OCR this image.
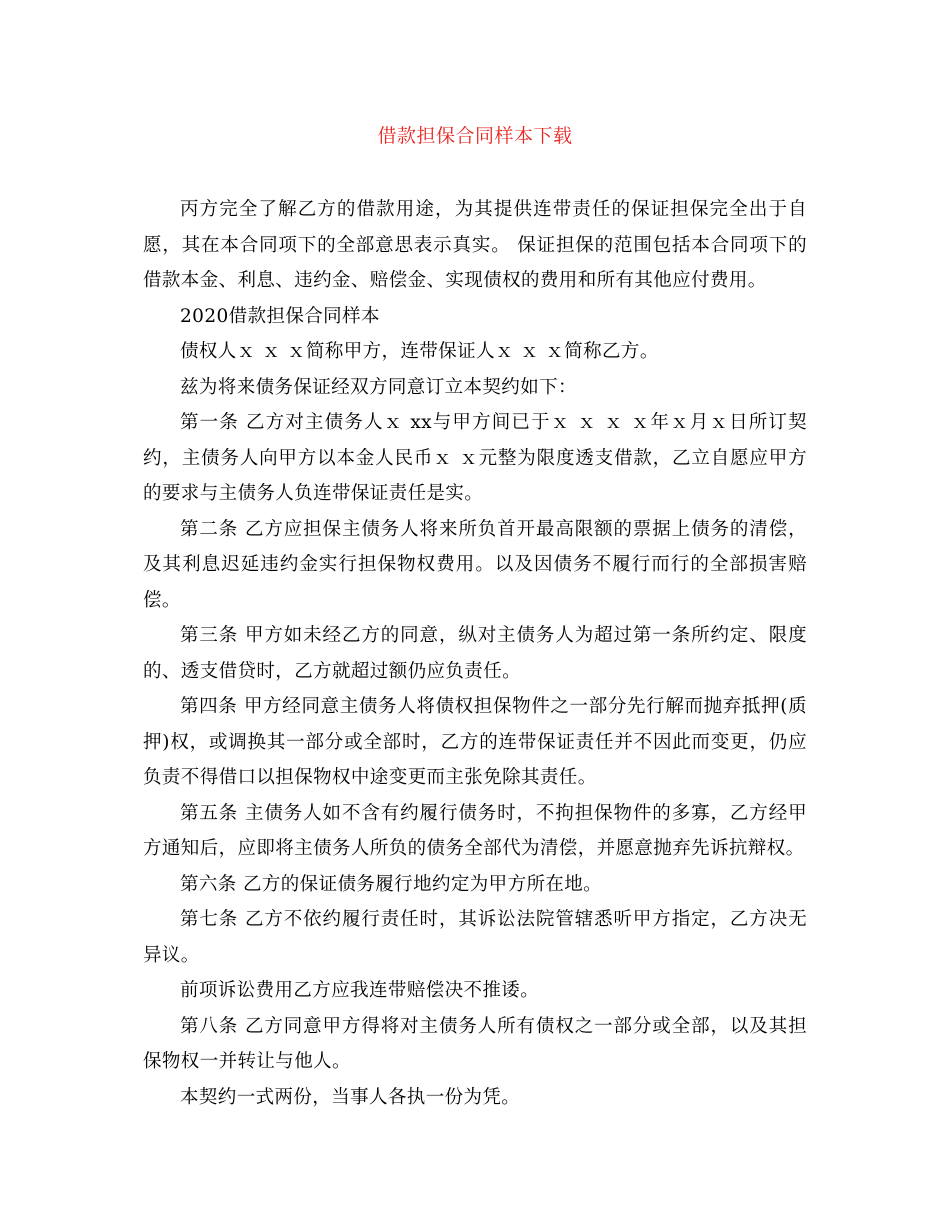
借款担保合同样本下载

丙方完全了解乙方的借款用途，为其提供连带责任的保证担保完全出于自愿，其在本合同项下的全部意思表示真实。 保证担保的范围包括本合同项下的借款本金、利息、违约金、赔偿金、实现债权的费用和所有其他应付费用。

2020借款担保合同样本

债权人ｘ ｘ ｘ简称甲方，连带保证人ｘ ｘ ｘ简称乙方。

兹为将来债务保证经双方同意订立本契约如下：

第一条 乙方对主债务人ｘ xx与甲方间已于ｘ ｘ ｘ ｘ年ｘ月ｘ日所订契约，主债务人向甲方以本金人民币ｘ ｘ元整为限度透支借款，乙立自愿应甲方的要求与主债务人负连带保证责任是实。

第二条 乙方应担保主债务人将来所负首开最高限额的票据上债务的清偿，及其利息迟延违约金实行担保物权费用。以及因债务不履行而行的全部损害赔偿。

第三条 甲方如未经乙方的同意，纵对主债务人为超过第一条所约定、限度的、透支借贷时，乙方就超过额仍应负责任。

第四条 甲方经同意主债务人将债权担保物件之一部分先行解而抛弃抵押(质押)权，或调换其一部分或全部时，乙方的连带保证责任并不因此而变更，仍应负责不得借口以担保物权中途变更而主张免除其责任。

第五条 主债务人如不含有约履行债务时，不拘担保物件的多寡，乙方经甲方通知后，应即将主债务人所负的债务全部代为清偿，并愿意抛弃先诉抗辩权。

第六条 乙方的保证债务履行地约定为甲方所在地。

第七条 乙方不依约履行责任时，其诉讼法院管辖悉听甲方指定，乙方决无异议。

前项诉讼费用乙方应我连带赔偿决不推诿。

第八条 乙方同意甲方得将对主债务人所有债权之一部分或全部，以及其担保物权一并转让与他人。

本契约一式两份，当事人各执一份为凭。
